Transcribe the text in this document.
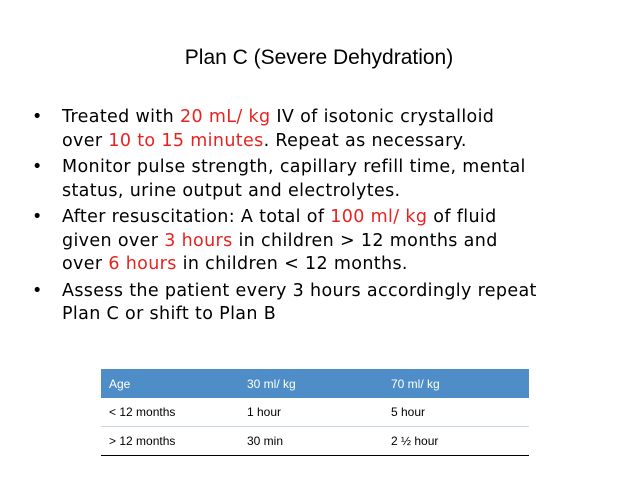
Plan C (Severe Dehydration)
• Treated with 20 mL/ kg IV of isotonic crystalloid
over 10 to 15 minutes. Repeat as necessary.
• Monitor pulse strength, capillary refill time, mental
status, urine output and electrolytes.
• After resuscitation: A total of 100 ml/ kg of fluid
given over 3 hours in children > 12 months and
over 6 hours in children < 12 months.
• Assess the patient every 3 hours accordingly repeat
Plan C or shift to Plan B
Age	30 ml/ kg	70 ml/ kg
< 12 months	1 hour	5 hour
> 12 months	30 min	2 ½ hour
